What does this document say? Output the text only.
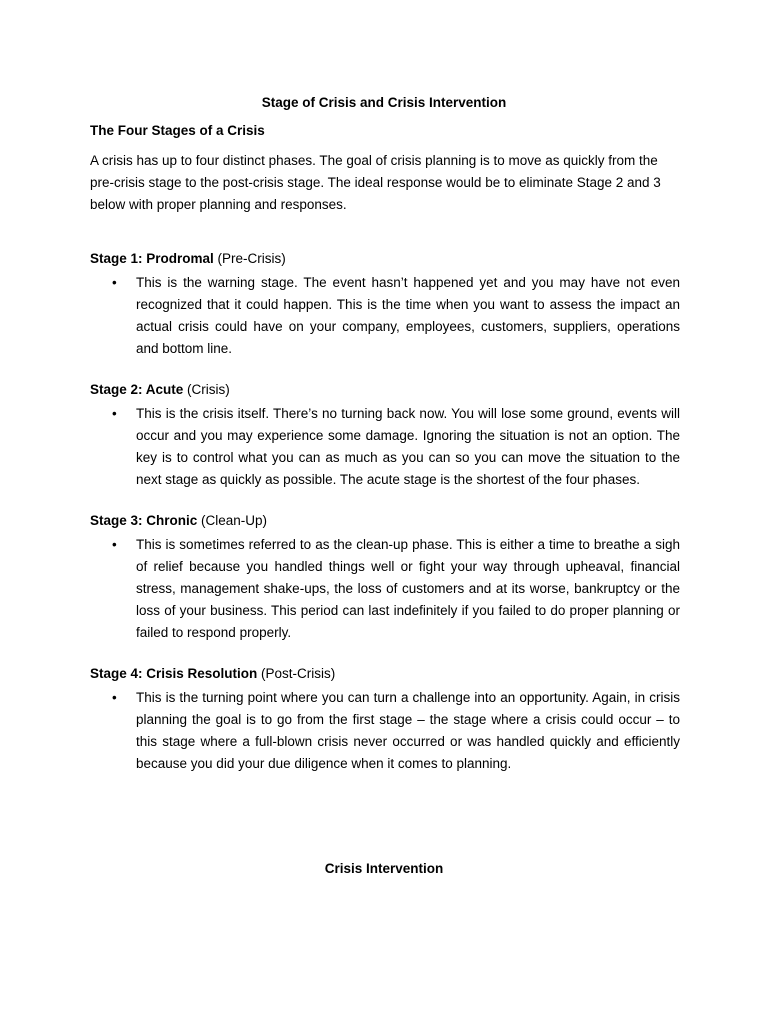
Stage of Crisis and Crisis Intervention
The Four Stages of a Crisis

A crisis has up to four distinct phases. The goal of crisis planning is to move as quickly from the pre-crisis stage to the post-crisis stage. The ideal response would be to eliminate Stage 2 and 3 below with proper planning and responses.

Stage 1: Prodromal (Pre-Crisis)
• This is the warning stage. The event hasn’t happened yet and you may have not even recognized that it could happen. This is the time when you want to assess the impact an actual crisis could have on your company, employees, customers, suppliers, operations and bottom line.

Stage 2: Acute (Crisis)
• This is the crisis itself. There’s no turning back now. You will lose some ground, events will occur and you may experience some damage. Ignoring the situation is not an option. The key is to control what you can as much as you can so you can move the situation to the next stage as quickly as possible. The acute stage is the shortest of the four phases.

Stage 3: Chronic (Clean-Up)
• This is sometimes referred to as the clean-up phase. This is either a time to breathe a sigh of relief because you handled things well or fight your way through upheaval, financial stress, management shake-ups, the loss of customers and at its worse, bankruptcy or the loss of your business. This period can last indefinitely if you failed to do proper planning or failed to respond properly.

Stage 4: Crisis Resolution (Post-Crisis)
• This is the turning point where you can turn a challenge into an opportunity. Again, in crisis planning the goal is to go from the first stage – the stage where a crisis could occur – to this stage where a full-blown crisis never occurred or was handled quickly and efficiently because you did your due diligence when it comes to planning.

Crisis Intervention
